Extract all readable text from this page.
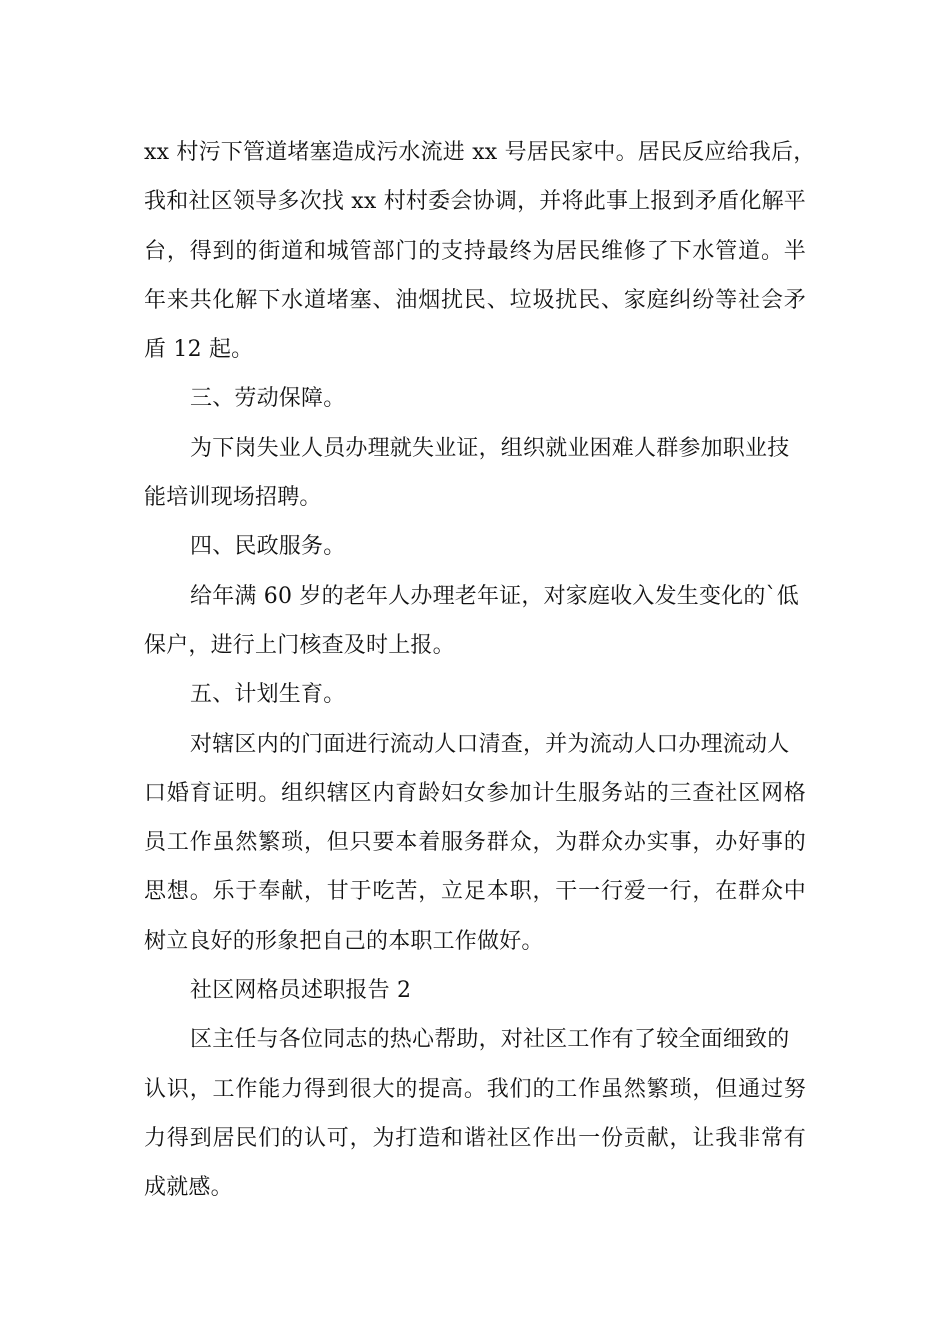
xx 村污下管道堵塞造成污水流进 xx 号居民家中。居民反应给我后，
我和社区领导多次找 xx 村村委会协调，并将此事上报到矛盾化解平
台，得到的街道和城管部门的支持最终为居民维修了下水管道。半
年来共化解下水道堵塞、油烟扰民、垃圾扰民、家庭纠纷等社会矛
盾 12 起。
三、劳动保障。
为下岗失业人员办理就失业证，组织就业困难人群参加职业技
能培训现场招聘。
四、民政服务。
给年满 60 岁的老年人办理老年证，对家庭收入发生变化的`低
保户，进行上门核查及时上报。
五、计划生育。
对辖区内的门面进行流动人口清查，并为流动人口办理流动人
口婚育证明。组织辖区内育龄妇女参加计生服务站的三查社区网格
员工作虽然繁琐，但只要本着服务群众，为群众办实事，办好事的
思想。乐于奉献，甘于吃苦，立足本职，干一行爱一行，在群众中
树立良好的形象把自己的本职工作做好。
社区网格员述职报告 2
区主任与各位同志的热心帮助，对社区工作有了较全面细致的
认识，工作能力得到很大的提高。我们的工作虽然繁琐，但通过努
力得到居民们的认可，为打造和谐社区作出一份贡献，让我非常有
成就感。
